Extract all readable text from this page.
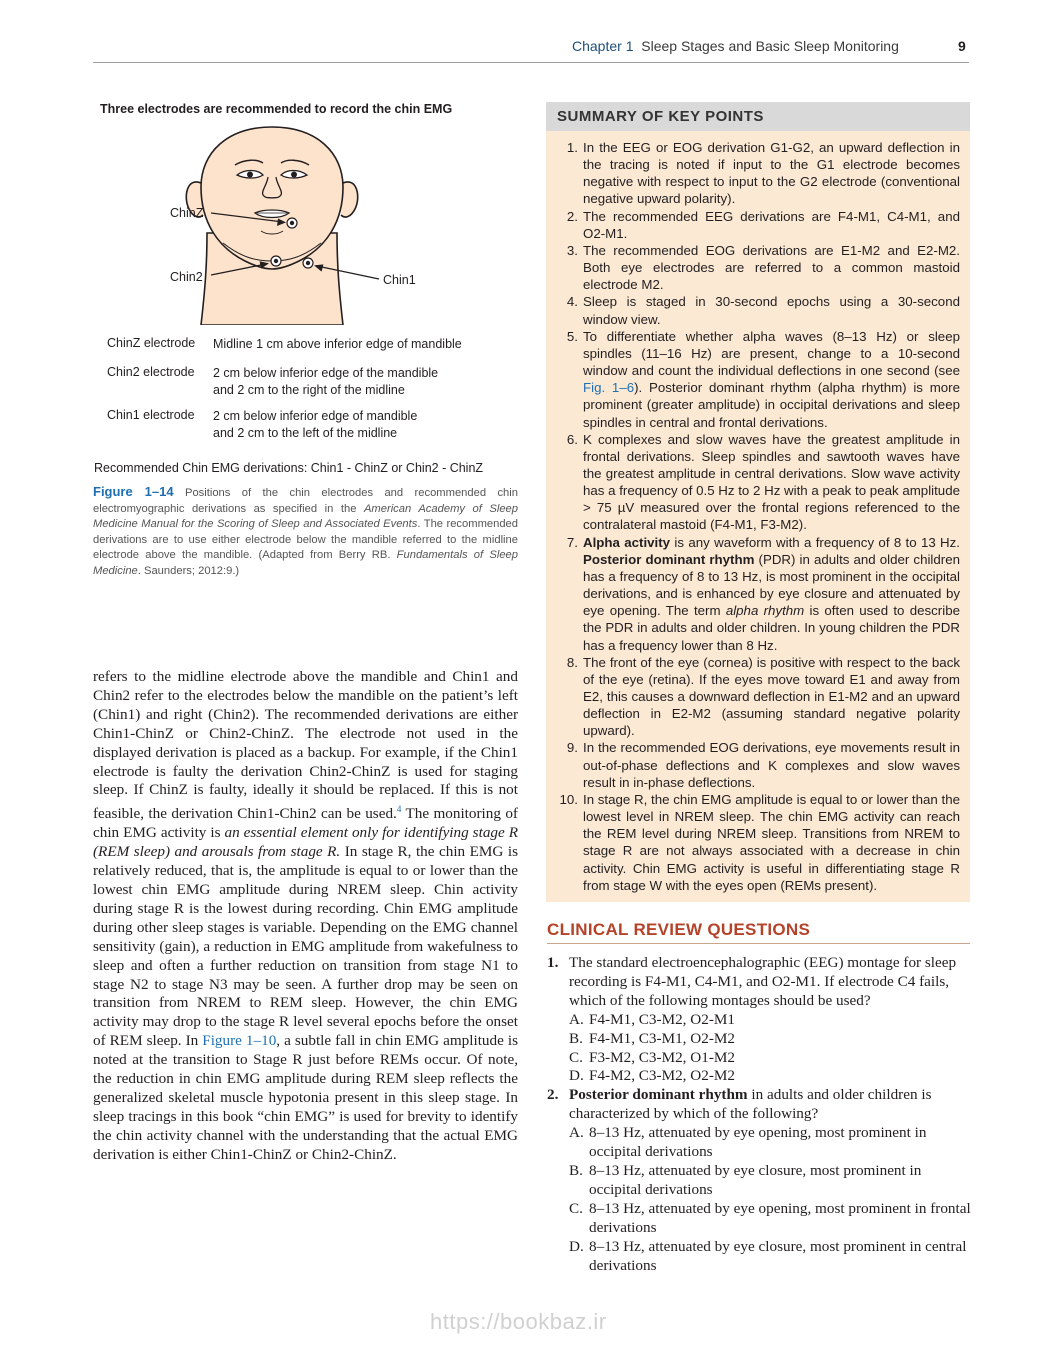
Chapter 1 Sleep Stages and Basic Sleep Monitoring	9
Three electrodes are recommended to record the chin EMG
ChinZ
Chin2	Chin1
ChinZ electrode Midline 1 cm above inferior edge of mandible
Chin2 electrode 2 cm below inferior edge of the mandible
and 2 cm to the right of the midline
Chin1 electrode 2 cm below inferior edge of mandible
and 2 cm to the left of the midline
Recommended Chin EMG derivations: Chin1 - ChinZ or Chin2 - ChinZ
Figure 1–14 Positions of the chin electrodes and recommended chin electromyographic derivations as specified in the American Academy of Sleep Medicine Manual for the Scoring of Sleep and Associated Events. The recommended derivations are to use either electrode below the mandible referred to the midline electrode above the mandible. (Adapted from Berry RB. Fundamentals of Sleep Medicine. Saunders; 2012:9.)
refers to the midline electrode above the mandible and Chin1 and Chin2 refer to the electrodes below the mandible on the patient’s left (Chin1) and right (Chin2). The recommended derivations are either Chin1-ChinZ or Chin2-ChinZ. The electrode not used in the displayed derivation is placed as a backup. For example, if the Chin1 electrode is faulty the derivation Chin2-ChinZ is used for staging sleep. If ChinZ is faulty, ideally it should be replaced. If this is not feasible, the derivation Chin1-Chin2 can be used.$^4$ The monitoring of chin EMG activity is an essential element only for identifying stage R (REM sleep) and arousals from stage R. In stage R, the chin EMG is relatively reduced, that is, the amplitude is equal to or lower than the lowest chin EMG amplitude during NREM sleep. Chin activity during stage R is the lowest during recording. Chin EMG amplitude during other sleep stages is variable. Depending on the EMG channel sensitivity (gain), a reduction in EMG amplitude from wakefulness to sleep and often a further reduction on transition from stage N1 to stage N2 to stage N3 may be seen. A further drop may be seen on transition from NREM to REM sleep. However, the chin EMG activity may drop to the stage R level several epochs before the onset of REM sleep. In Figure 1–10, a subtle fall in chin EMG amplitude is noted at the transition to Stage R just before REMs occur. Of note, the reduction in chin EMG amplitude during REM sleep reflects the generalized skeletal muscle hypotonia present in this sleep stage. In sleep tracings in this book “chin EMG” is used for brevity to identify the chin activity channel with the understanding that the actual EMG derivation is either Chin1-ChinZ or Chin2-ChinZ.
SUMMARY OF KEY POINTS
1. In the EEG or EOG derivation G1-G2, an upward deflection in the tracing is noted if input to the G1 electrode becomes negative with respect to input to the G2 electrode (conventional negative upward polarity).
2. The recommended EEG derivations are F4-M1, C4-M1, and O2-M1.
3. The recommended EOG derivations are E1-M2 and E2-M2. Both eye electrodes are referred to a common mastoid electrode M2.
4. Sleep is staged in 30-second epochs using a 30-second window view.
5. To differentiate whether alpha waves (8–13 Hz) or sleep spindles (11–16 Hz) are present, change to a 10-second window and count the individual deflections in one second (see Fig. 1–6). Posterior dominant rhythm (alpha rhythm) is more prominent (greater amplitude) in occipital derivations and sleep spindles in central and frontal derivations.
6. K complexes and slow waves have the greatest amplitude in frontal derivations. Sleep spindles and sawtooth waves have the greatest amplitude in central derivations. Slow wave activity has a frequency of 0.5 Hz to 2 Hz with a peak to peak amplitude > 75 µV measured over the frontal regions referenced to the contralateral mastoid (F4-M1, F3-M2).
7. Alpha activity is any waveform with a frequency of 8 to 13 Hz. Posterior dominant rhythm (PDR) in adults and older children has a frequency of 8 to 13 Hz, is most prominent in the occipital derivations, and is enhanced by eye closure and attenuated by eye opening. The term alpha rhythm is often used to describe the PDR in adults and older children. In young children the PDR has a frequency lower than 8 Hz.
8. The front of the eye (cornea) is positive with respect to the back of the eye (retina). If the eyes move toward E1 and away from E2, this causes a downward deflection in E1-M2 and an upward deflection in E2-M2 (assuming standard negative polarity upward).
9. In the recommended EOG derivations, eye movements result in out-of-phase deflections and K complexes and slow waves result in in-phase deflections.
10. In stage R, the chin EMG amplitude is equal to or lower than the lowest level in NREM sleep. The chin EMG activity can reach the REM level during NREM sleep. Transitions from NREM to stage R are not always associated with a decrease in chin activity. Chin EMG activity is useful in differentiating stage R from stage W with the eyes open (REMs present).
CLINICAL REVIEW QUESTIONS
1. The standard electroencephalographic (EEG) montage for sleep recording is F4-M1, C4-M1, and O2-M1. If electrode C4 fails, which of the following montages should be used?
A. F4-M1, C3-M2, O2-M1
B. F4-M1, C3-M1, O2-M2
C. F3-M2, C3-M2, O1-M2
D. F4-M2, C3-M2, O2-M2
2. Posterior dominant rhythm in adults and older children is characterized by which of the following?
A. 8–13 Hz, attenuated by eye opening, most prominent in occipital derivations
B. 8–13 Hz, attenuated by eye closure, most prominent in occipital derivations
C. 8–13 Hz, attenuated by eye opening, most prominent in frontal derivations
D. 8–13 Hz, attenuated by eye closure, most prominent in central derivations
https://bookbaz.ir
